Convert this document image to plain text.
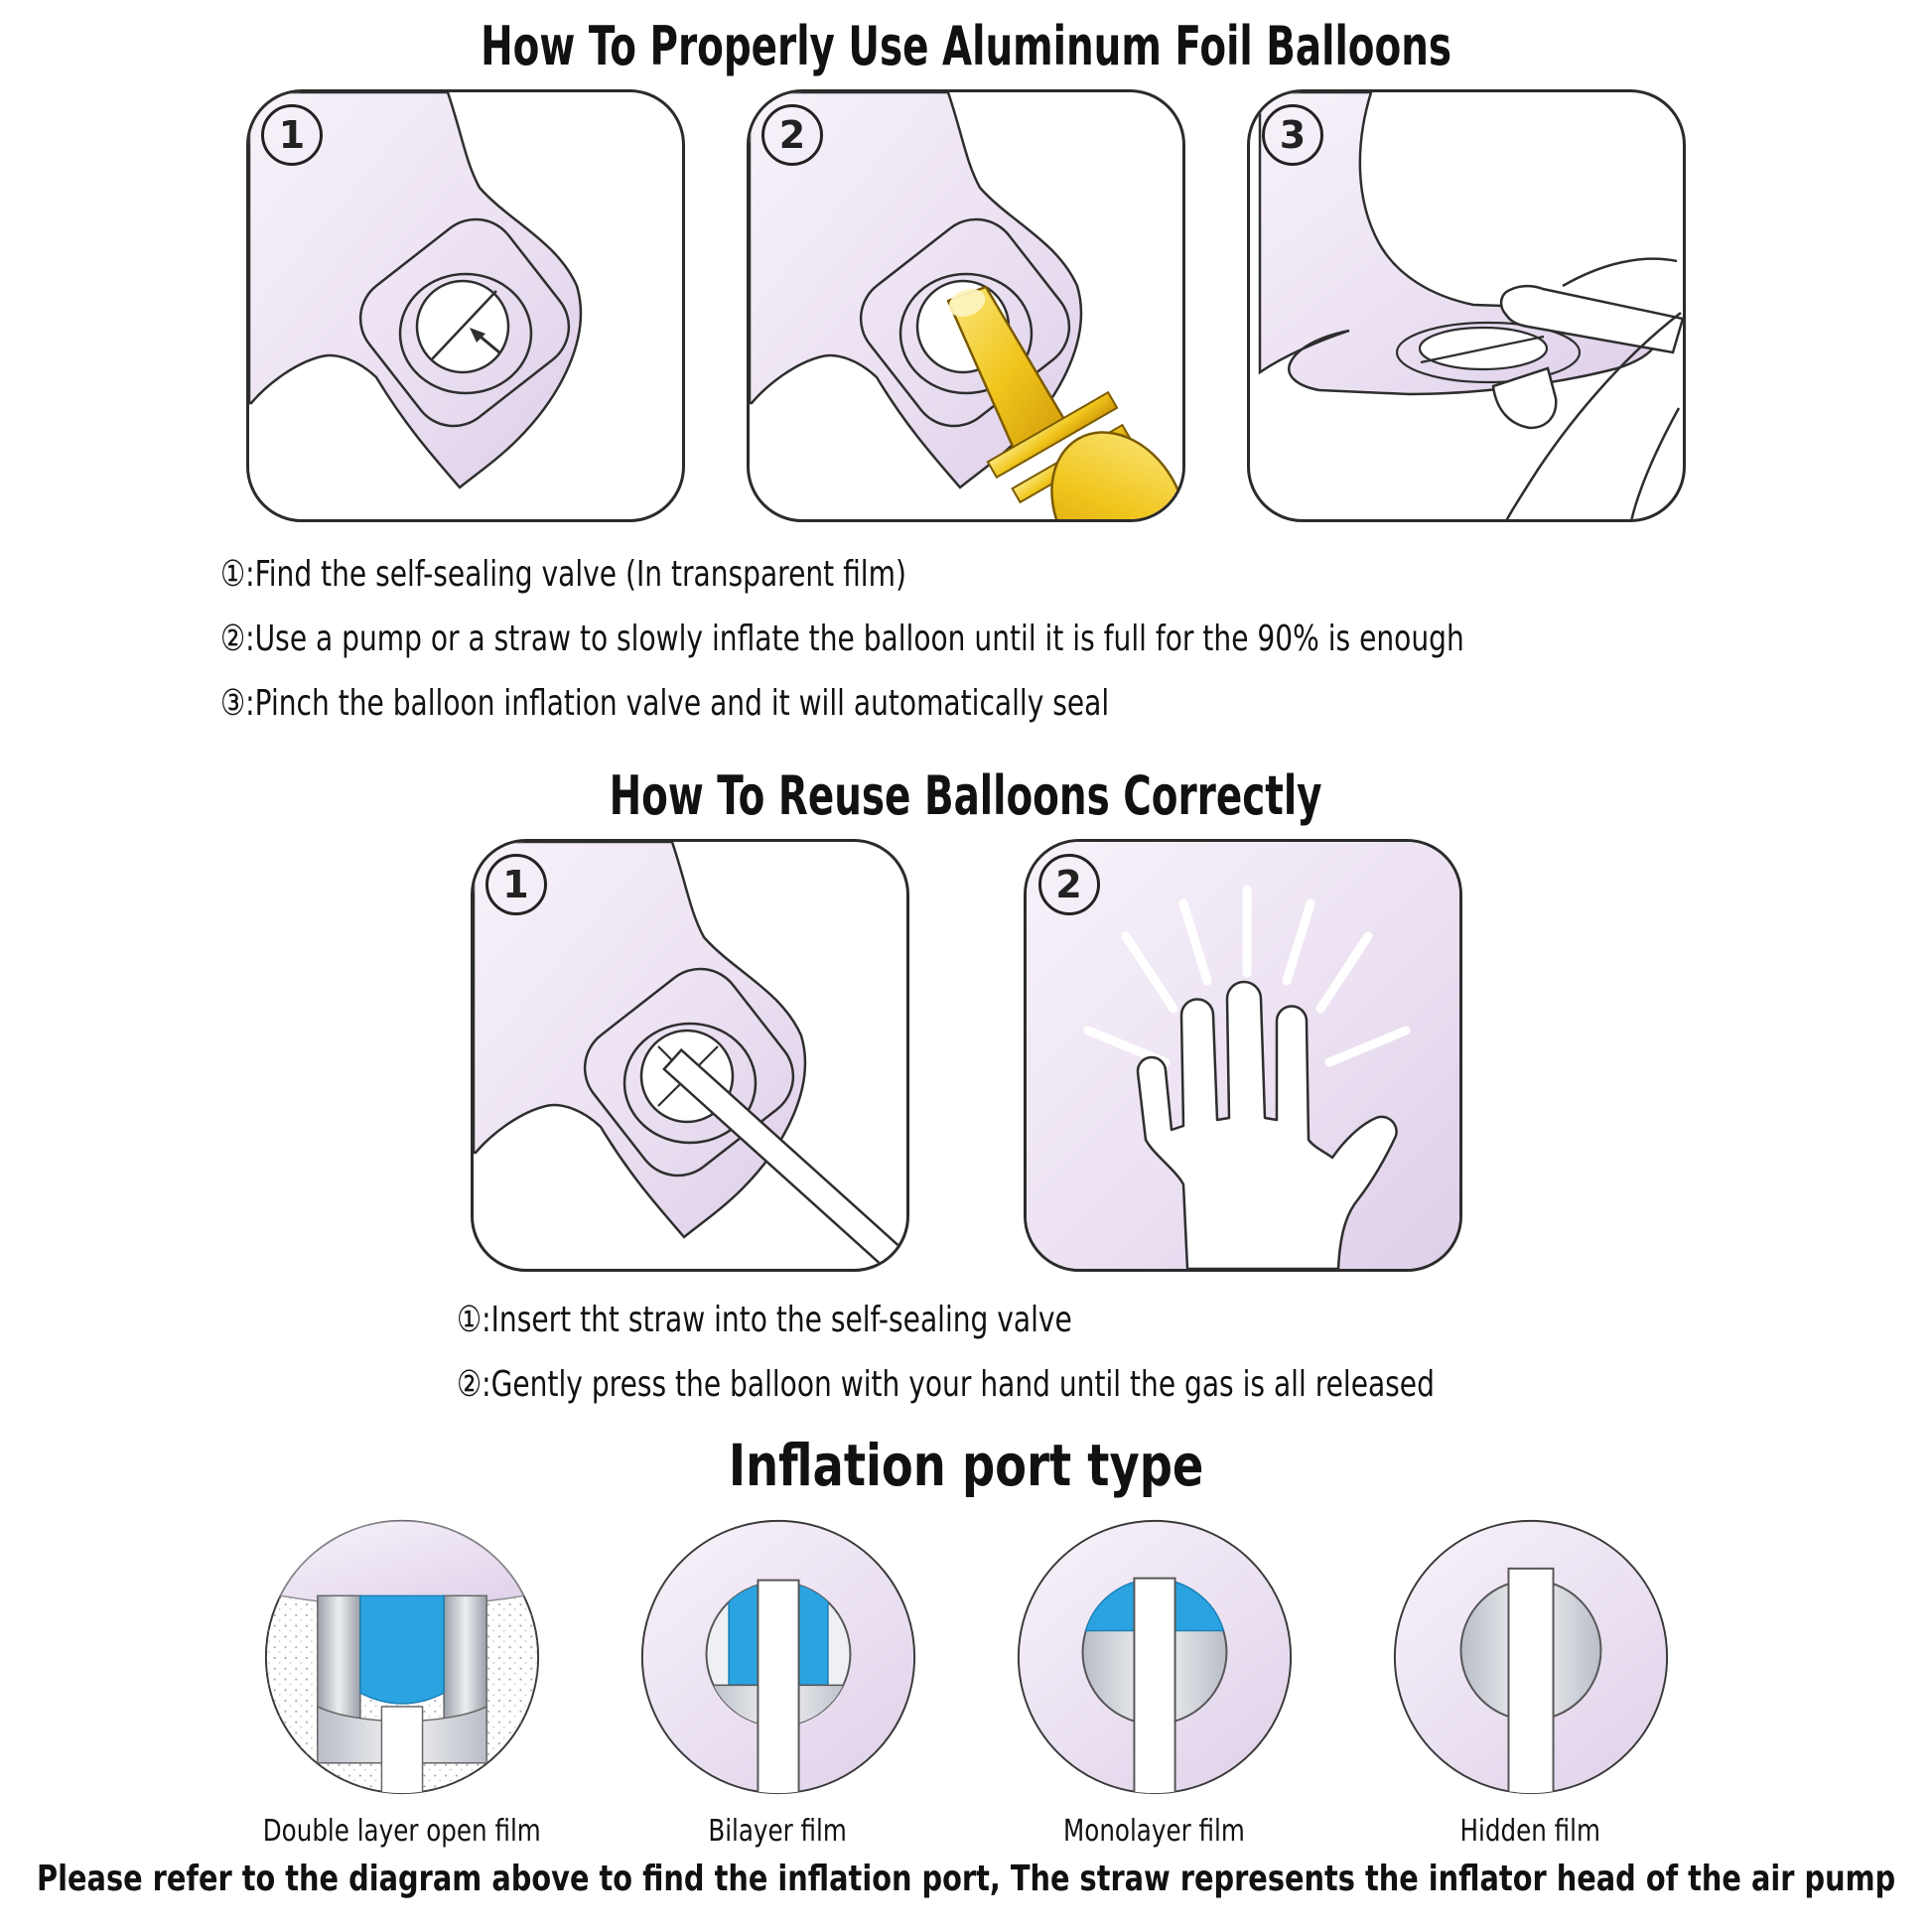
How To Properly Use Aluminum Foil Balloons
1	2	3
①:Find the self-sealing valve (In transparent film)
②:Use a pump or a straw to slowly inflate the balloon until it is full for the 90% is enough
③:Pinch the balloon inflation valve and it will automatically seal
How To Reuse Balloons Correctly
1	2
①:Insert tht straw into the self-sealing valve
②:Gently press the balloon with your hand until the gas is all released
Inflation port type
Double layer open film	Bilayer film	Monolayer film	Hidden film
Please refer to the diagram above to find the inflation port, The straw represents the inflator head of the air pump
